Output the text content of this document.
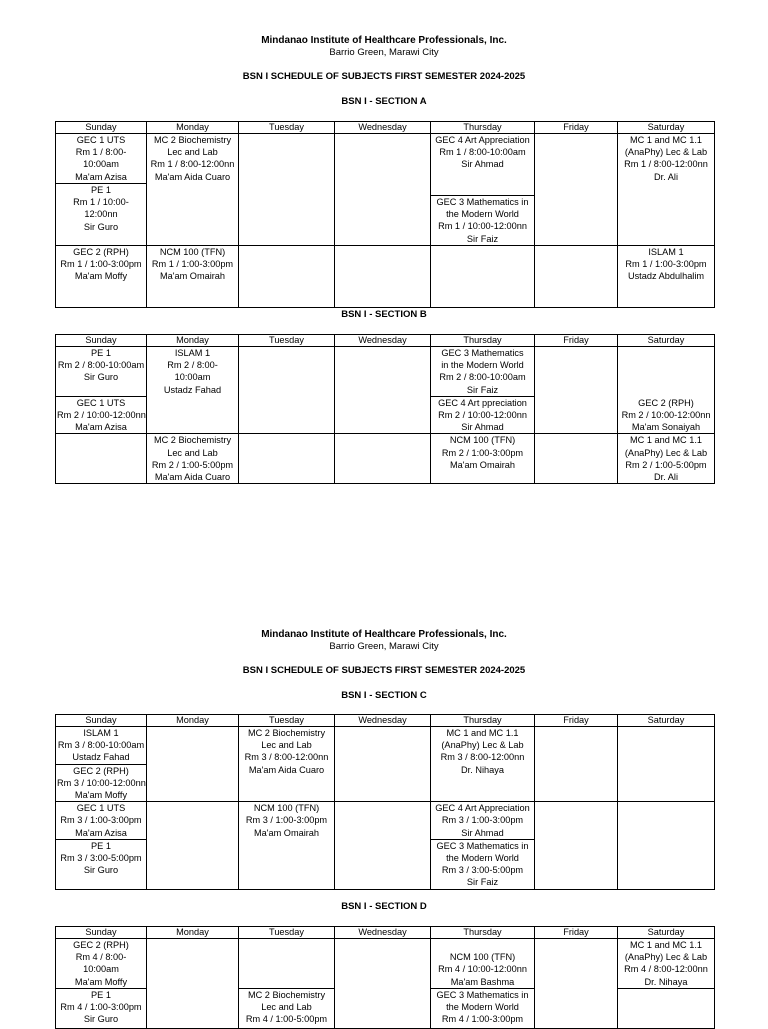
Mindanao Institute of Healthcare Professionals, Inc.
Barrio Green, Marawi City
BSN I SCHEDULE OF SUBJECTS FIRST SEMESTER 2024-2025
BSN I - SECTION A
Sunday	Monday	Tuesday	Wednesday	Thursday	Friday	Saturday

GEC 1 UTS
Rm 1 / 8:00-
10:00am
Ma'am Azisa	MC 2 Biochemistry
Lec and Lab
Rm 1 / 8:00-12:00nn
Ma'am Aida Cuaro			GEC 4 Art Appreciation
Rm 1 / 8:00-10:00am
Sir Ahmad		MC 1 and MC 1.1
(AnaPhy) Lec & Lab
Rm 1 / 8:00-12:00nn
Dr. Ali

PE 1
Rm 1 / 10:00-
12:00nn
Sir Guro						

				GEC 3 Mathematics in
the Modern World
Rm 1 / 10:00-12:00nn
Sir Faiz		

GEC 2 (RPH)
Rm 1 / 1:00-3:00pm
Ma'am Moffy	NCM 100 (TFN)
Rm 1 / 1:00-3:00pm
Ma'am Omairah					ISLAM 1
Rm 1 / 1:00-3:00pm
Ustadz Abdulhalim
BSN I - SECTION B
Sunday	Monday	Tuesday	Wednesday	Thursday	Friday	Saturday

PE 1
Rm 2 / 8:00-10:00am
Sir Guro	ISLAM 1
Rm 2 / 8:00-
10:00am
Ustadz Fahad			GEC 3 Mathematics
in the Modern World
Rm 2 / 8:00-10:00am
Sir Faiz		GEC 2 (RPH)
Rm 2 / 10:00-12:00nn
Ma'am Sonaiyah

GEC 1 UTS
Rm 2 / 10:00-12:00nn
Ma'am Azisa				GEC 4 Art ppreciation
Rm 2 / 10:00-12:00nn
Sir Ahmad		

	MC 2 Biochemistry
Lec and Lab
Rm 2 / 1:00-5:00pm
Ma'am Aida Cuaro			NCM 100 (TFN)
Rm 2 / 1:00-3:00pm
Ma'am Omairah		MC 1 and MC 1.1
(AnaPhy) Lec & Lab
Rm 2 / 1:00-5:00pm
Dr. Ali
Mindanao Institute of Healthcare Professionals, Inc.
Barrio Green, Marawi City
BSN I SCHEDULE OF SUBJECTS FIRST SEMESTER 2024-2025
BSN I - SECTION C
Sunday	Monday	Tuesday	Wednesday	Thursday	Friday	Saturday

ISLAM 1
Rm 3 / 8:00-10:00am
Ustadz Fahad		MC 2 Biochemistry
Lec and Lab
Rm 3 / 8:00-12:00nn
Ma'am Aida Cuaro		MC 1 and MC 1.1
(AnaPhy) Lec & Lab
Rm 3 / 8:00-12:00nn
Dr. Nihaya		

GEC 2 (RPH)
Rm 3 / 10:00-12:00nn
Ma'am Moffy						

GEC 1 UTS
Rm 3 / 1:00-3:00pm
Ma'am Azisa		NCM 100 (TFN)
Rm 3 / 1:00-3:00pm
Ma'am Omairah		GEC 4 Art Appreciation
Rm 3 / 1:00-3:00pm
Sir Ahmad		

PE 1
Rm 3 / 3:00-5:00pm
Sir Guro				GEC 3 Mathematics in
the Modern World
Rm 3 / 3:00-5:00pm
Sir Faiz		
BSN I - SECTION D
Sunday	Monday	Tuesday	Wednesday	Thursday	Friday	Saturday

GEC 2 (RPH)
Rm 4 / 8:00-
10:00am
Ma'am Moffy				NCM 100 (TFN)
Rm 4 / 10:00-12:00nn
Ma'am Bashma		MC 1 and MC 1.1
(AnaPhy) Lec & Lab
Rm 4 / 8:00-12:00nn
Dr. Nihaya

PE 1
Rm 4 / 1:00-3:00pm
Sir Guro		MC 2 Biochemistry
Lec and Lab
Rm 4 / 1:00-5:00pm		GEC 3 Mathematics in
the Modern World
Rm 4 / 1:00-3:00pm		
